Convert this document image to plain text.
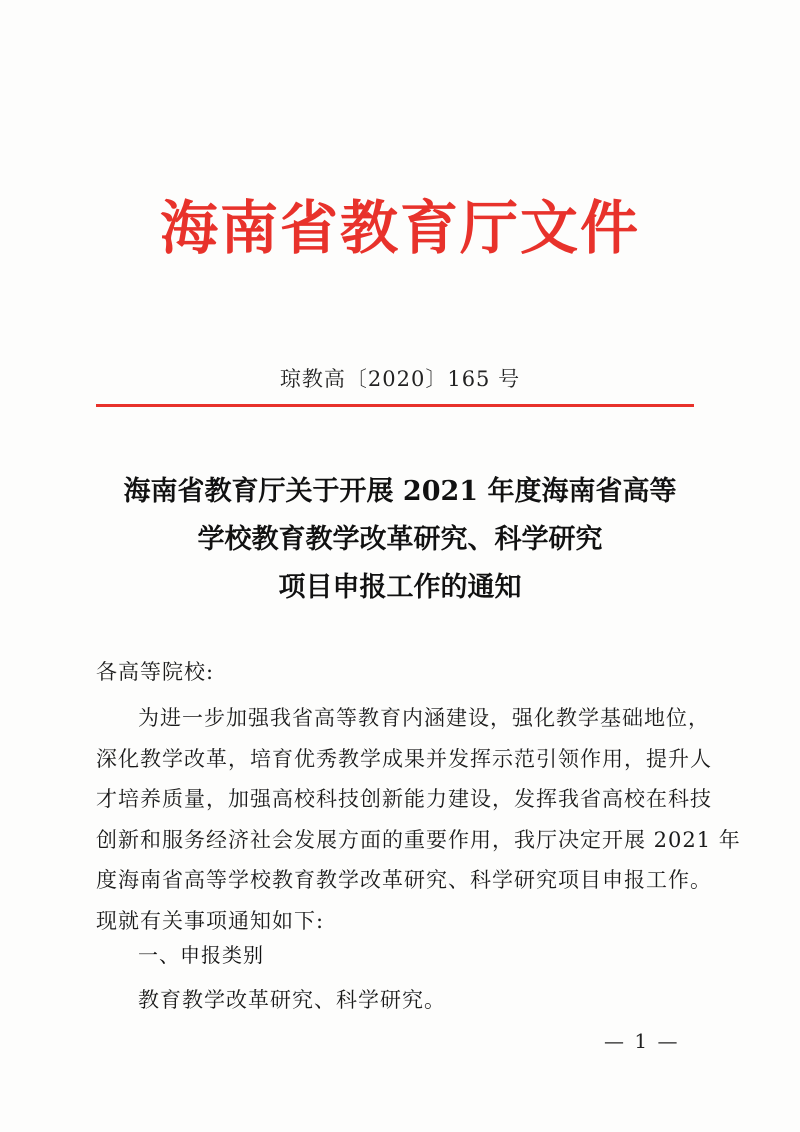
海南省教育厅文件
琼教高〔2020〕165 号
海南省教育厅关于开展 2021 年度海南省高等
学校教育教学改革研究、科学研究
项目申报工作的通知
各高等院校:
为进一步加强我省高等教育内涵建设，强化教学基础地位，
深化教学改革，培育优秀教学成果并发挥示范引领作用，提升人
才培养质量，加强高校科技创新能力建设，发挥我省高校在科技
创新和服务经济社会发展方面的重要作用，我厅决定开展 2021 年
度海南省高等学校教育教学改革研究、科学研究项目申报工作。
现就有关事项通知如下:
一、申报类别
教育教学改革研究、科学研究。
— 1 —
